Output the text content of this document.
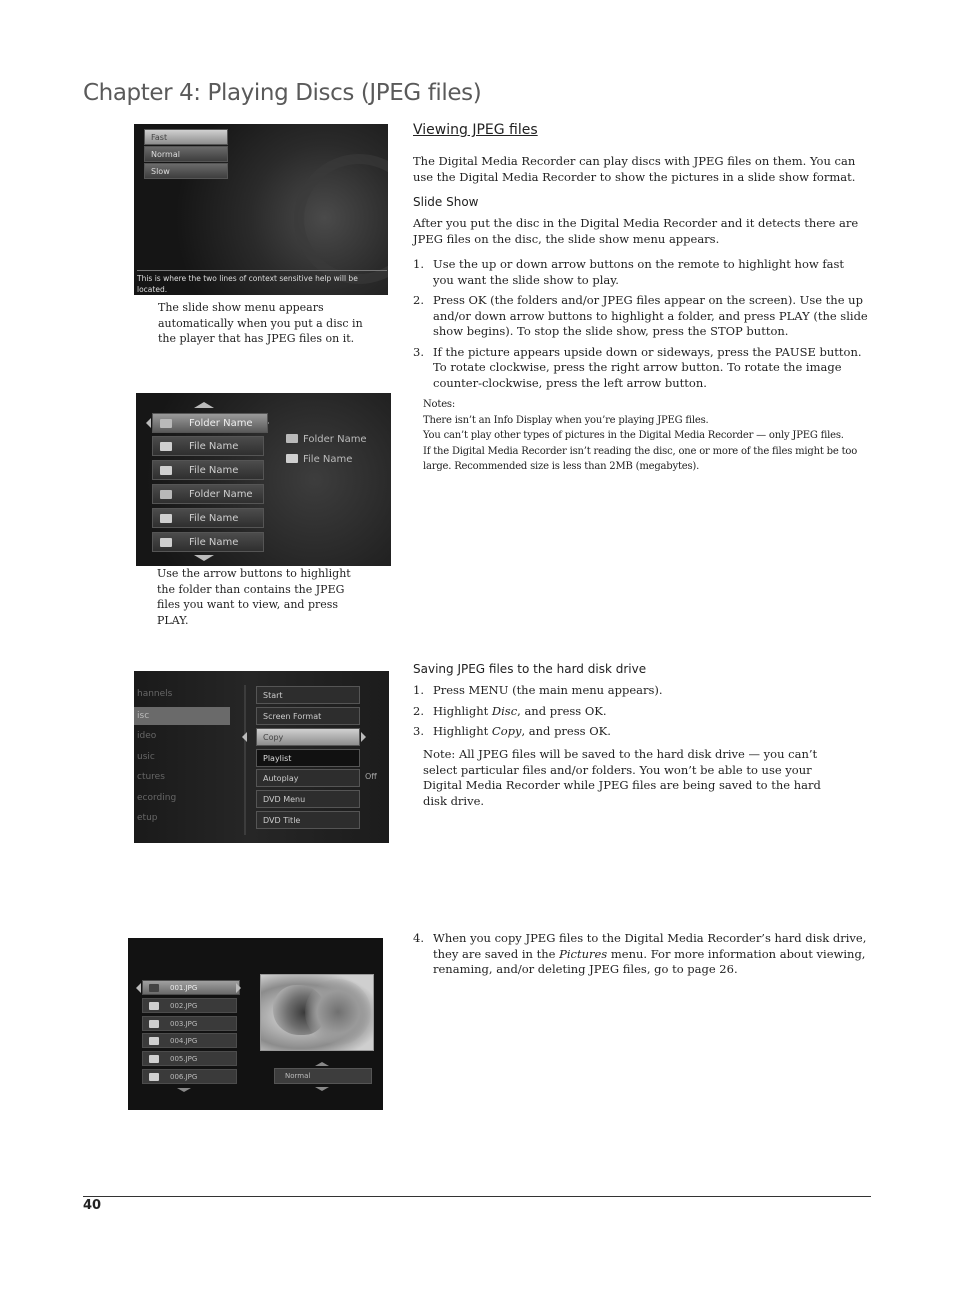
Chapter 4: Playing Discs (JPEG files)
Fast
Normal
Slow
This is where the two lines of context sensitive help will be located.
The slide show menu appears automatically when you put a disc in the player that has JPEG files on it.
Folder Name
File Name
File Name
Folder Name
File Name
File Name
Folder Name
File Name
Use the arrow buttons to highlight the folder than contains the JPEG files you want to view, and press PLAY.
hannels
isc
ideo
usic
ctures
ecording
etup
Start
Screen Format
Copy
Playlist
Autoplay	Off
DVD Menu
DVD Title
001.JPG
002.JPG
003.JPG
004.JPG
005.JPG
006.JPG	Normal
Viewing JPEG files
The Digital Media Recorder can play discs with JPEG files on them. You can use the Digital Media Recorder to show the pictures in a slide show format.
Slide Show
After you put the disc in the Digital Media Recorder and it detects there are JPEG files on the disc, the slide show menu appears.
1. Use the up or down arrow buttons on the remote to highlight how fast you want the slide show to play.
2. Press OK (the folders and/or JPEG files appear on the screen). Use the up and/or down arrow buttons to highlight a folder, and press PLAY (the slide show begins). To stop the slide show, press the STOP button.
3. If the picture appears upside down or sideways, press the PAUSE button. To rotate clockwise, press the right arrow button. To rotate the image counter-clockwise, press the left arrow button.
Notes:
There isn’t an Info Display when you’re playing JPEG files.
You can’t play other types of pictures in the Digital Media Recorder — only JPEG files.
If the Digital Media Recorder isn’t reading the disc, one or more of the files might be too large. Recommended size is less than 2MB (megabytes).
Saving JPEG files to the hard disk drive
1. Press MENU (the main menu appears).
2. Highlight Disc, and press OK.
3. Highlight Copy, and press OK.
Note: All JPEG files will be saved to the hard disk drive — you can’t select particular files and/or folders. You won’t be able to use your Digital Media Recorder while JPEG files are being saved to the hard disk drive.
4. When you copy JPEG files to the Digital Media Recorder’s hard disk drive, they are saved in the Pictures menu. For more information about viewing, renaming, and/or deleting JPEG files, go to page 26.
40
